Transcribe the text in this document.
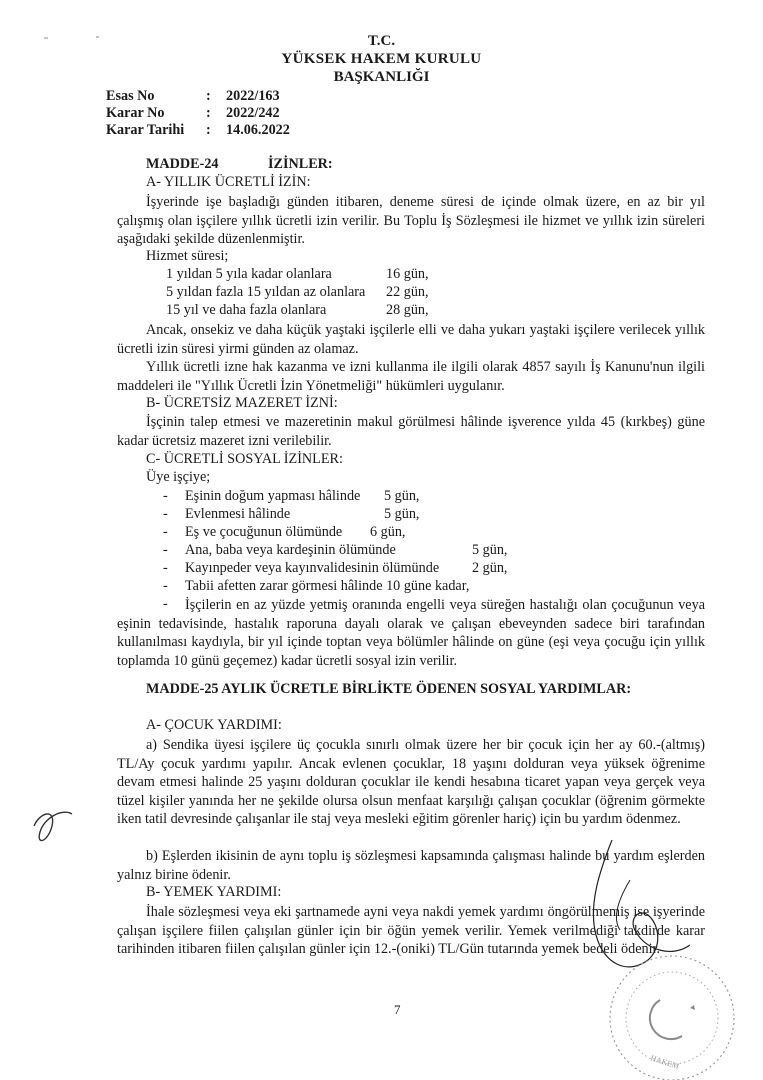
T.C.
YÜKSEK HAKEM KURULU
BAŞKANLIĞI
Esas No	: 2022/163
Karar No	: 2022/242
Karar Tarihi : 14.06.2022
MADDE-24	İZİNLER:
A- YILLIK ÜCRETLİ İZİN:

İşyerinde işe başladığı günden itibaren, deneme süresi de içinde olmak üzere, en az bir yıl çalışmış olan işçilere yıllık ücretli izin verilir. Bu Toplu İş Sözleşmesi ile hizmet ve yıllık izin süreleri aşağıdaki şekilde düzenlenmiştir.

Hizmet süresi;
1 yıldan 5 yıla kadar olanlara	16 gün,
5 yıldan fazla 15 yıldan az olanlara 22 gün,
15 yıl ve daha fazla olanlara	28 gün,

Ancak, onsekiz ve daha küçük yaştaki işçilerle elli ve daha yukarı yaştaki işçilere verilecek yıllık ücretli izin süresi yirmi günden az olamaz.

Yıllık ücretli izne hak kazanma ve izni kullanma ile ilgili olarak 4857 sayılı İş Kanunu'nun ilgili maddeleri ile "Yıllık Ücretli İzin Yönetmeliği" hükümleri uygulanır.

B- ÜCRETSİZ MAZERET İZNİ:

İşçinin talep etmesi ve mazeretinin makul görülmesi hâlinde işverence yılda 45 (kırkbeş) güne kadar ücretsiz mazeret izni verilebilir.

C- ÜCRETLİ SOSYAL İZİNLER:
Üye işçiye;
- Eşinin doğum yapması hâlinde 5 gün,
- Evlenmesi hâlinde	5 gün,
- Eş ve çocuğunun ölümünde 6 gün,
- Ana, baba veya kardeşinin ölümünde	5 gün,
- Kayınpeder veya kayınvalidesinin ölümünde 2 gün,
- Tabii afetten zarar görmesi hâlinde 10 güne kadar,
-	İşçilerin en az yüzde yetmiş oranında engelli veya süreğen hastalığı olan çocuğunun veya eşinin tedavisinde, hastalık raporuna dayalı olarak ve çalışan ebeveynden sadece biri tarafından kullanılması kaydıyla, bir yıl içinde toptan veya bölümler hâlinde on güne (eşi veya çocuğu için yıllık toplamda 10 günü geçemez) kadar ücretli sosyal izin verilir.

MADDE-25 AYLIK ÜCRETLE BİRLİKTE ÖDENEN SOSYAL YARDIMLAR:

A- ÇOCUK YARDIMI:

a) Sendika üyesi işçilere üç çocukla sınırlı olmak üzere her bir çocuk için her ay 60.-(altmış) TL/Ay çocuk yardımı yapılır. Ancak evlenen çocuklar, 18 yaşını dolduran veya yüksek öğrenime devam etmesi halinde 25 yaşını dolduran çocuklar ile kendi hesabına ticaret yapan veya gerçek veya tüzel kişiler yanında her ne şekilde olursa olsun menfaat karşılığı çalışan çocuklar (öğrenim görmekte iken tatil devresinde çalışanlar ile staj veya mesleki eğitim görenler hariç) için bu yardım ödenmez.

b) Eşlerden ikisinin de aynı toplu iş sözleşmesi kapsamında çalışması halinde bu yardım eşlerden yalnız birine ödenir.

B- YEMEK YARDIMI:

İhale sözleşmesi veya eki şartnamede ayni veya nakdi yemek yardımı öngörülmemiş ise işyerinde çalışan işçilere fiilen çalışılan günler için bir öğün yemek verilir. Yemek verilmediği takdirde karar tarihinden itibaren fiilen çalışılan günler için 12.-(oniki) TL/Gün tutarında yemek bedeli ödenir.

7
HAKEM
